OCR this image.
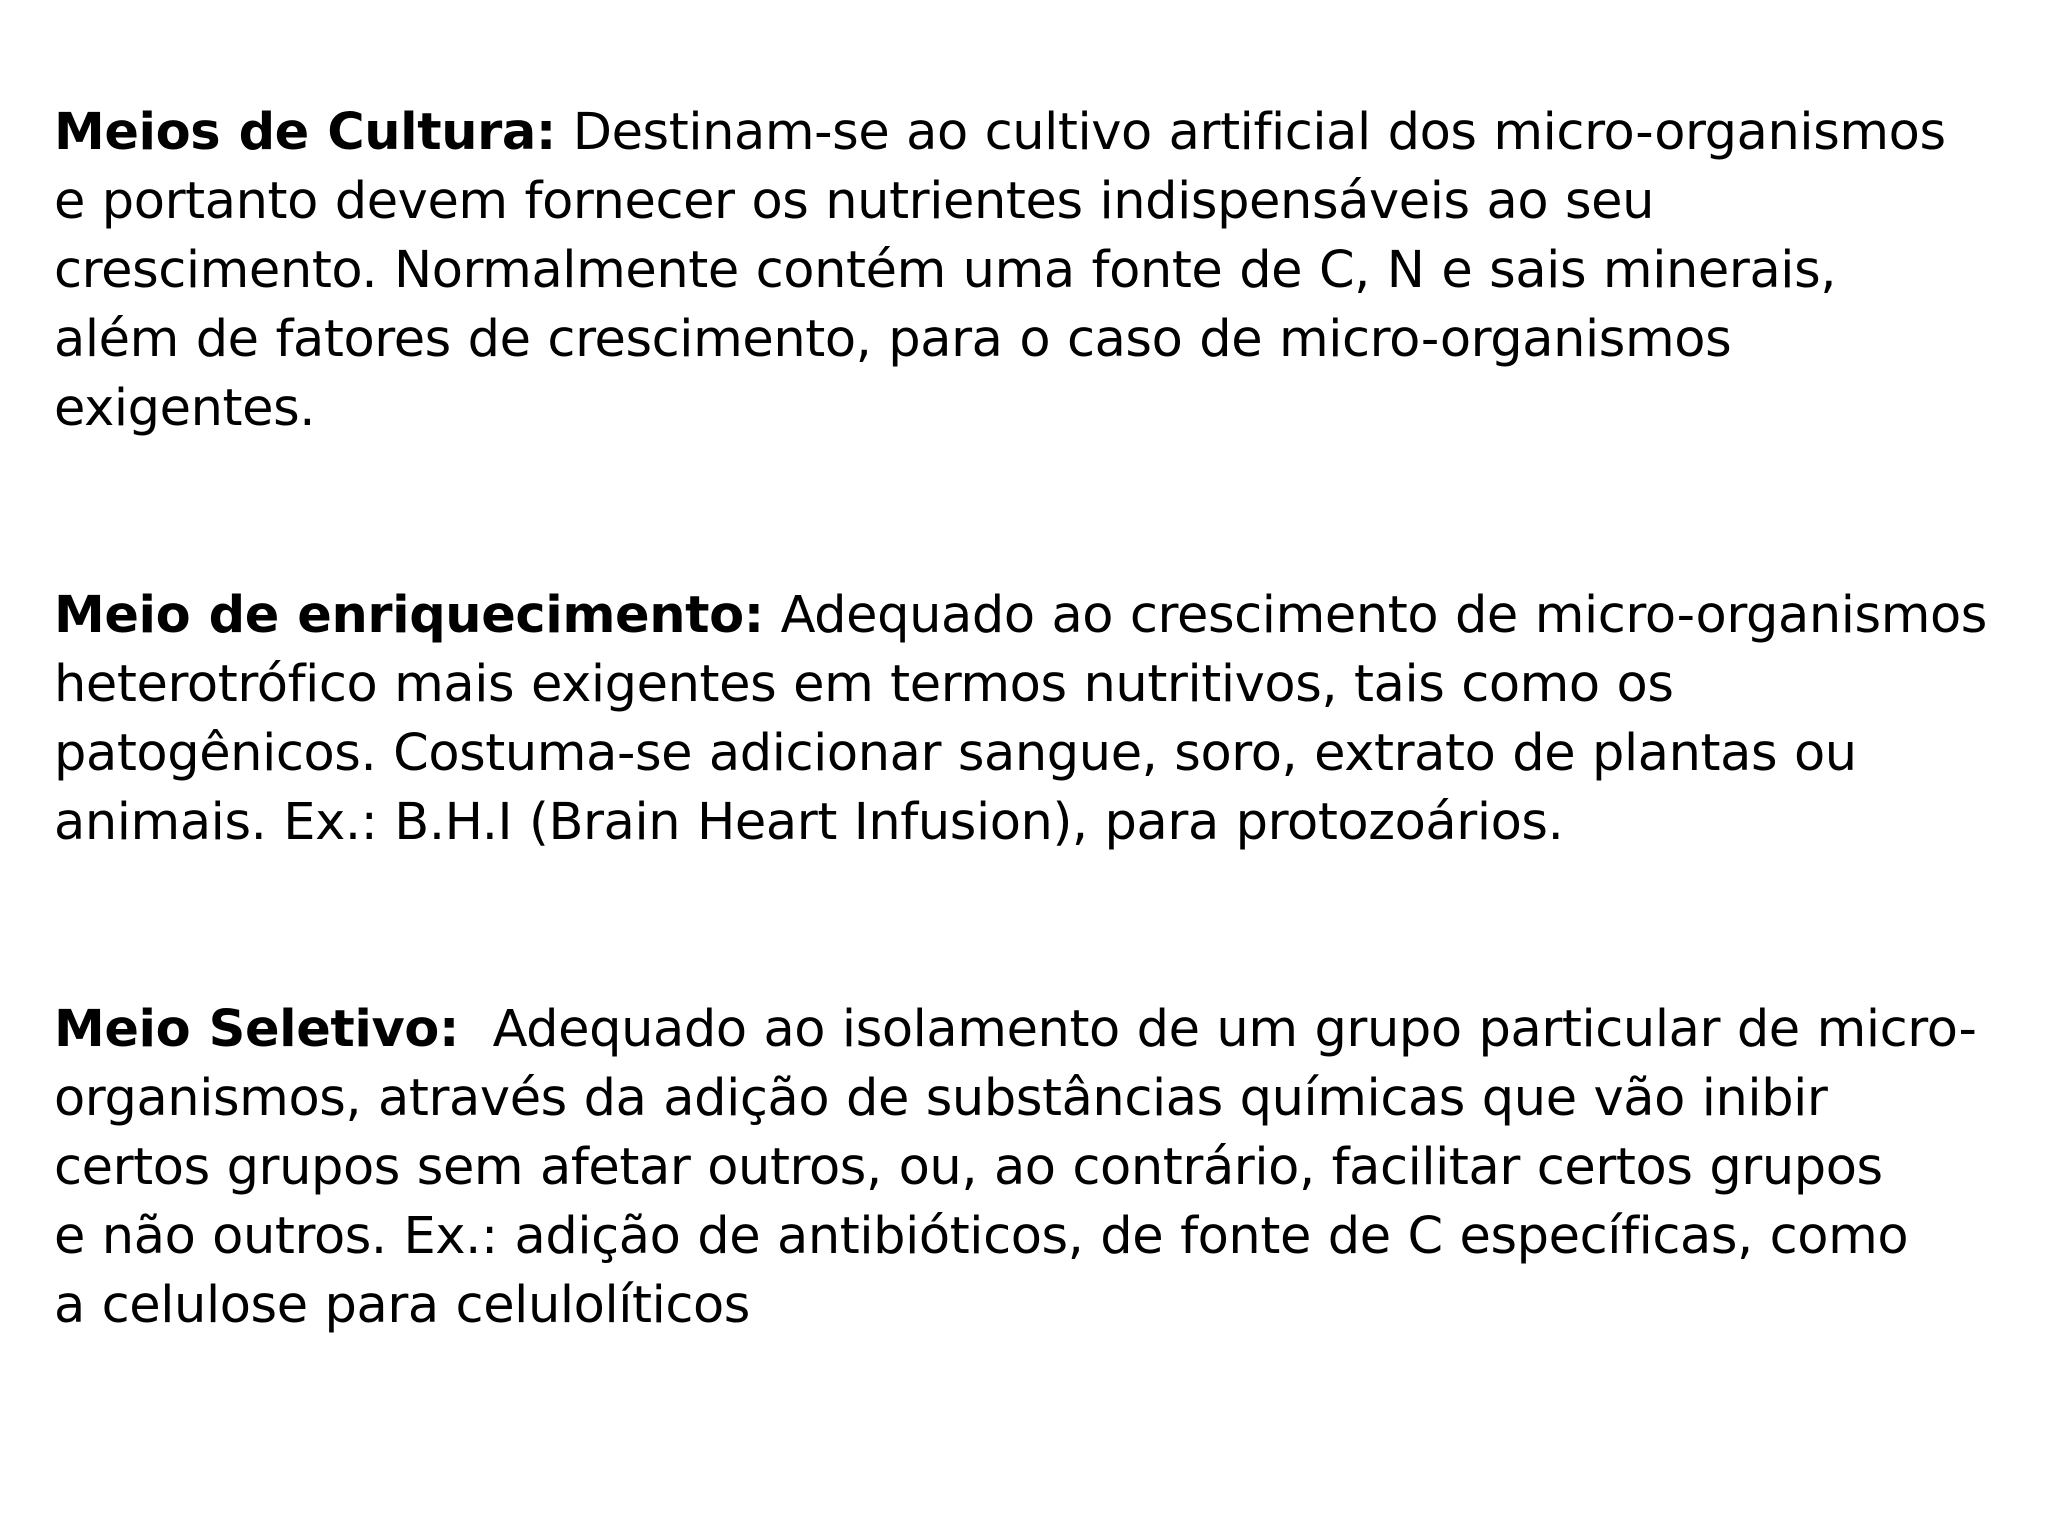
Meios de Cultura: Destinam-se ao cultivo artificial dos micro-organismos
e portanto devem fornecer os nutrientes indispensáveis ao seu
crescimento. Normalmente contém uma fonte de C, N e sais minerais,
além de fatores de crescimento, para o caso de micro-organismos
exigentes.

Meio de enriquecimento: Adequado ao crescimento de micro-organismos
heterotrófico mais exigentes em termos nutritivos, tais como os
patogênicos. Costuma-se adicionar sangue, soro, extrato de plantas ou
animais. Ex.: B.H.I (Brain Heart Infusion), para protozoários.

Meio Seletivo:  Adequado ao isolamento de um grupo particular de micro-
organismos, através da adição de substâncias químicas que vão inibir
certos grupos sem afetar outros, ou, ao contrário, facilitar certos grupos
e não outros. Ex.: adição de antibióticos, de fonte de C específicas, como
a celulose para celulolíticos
